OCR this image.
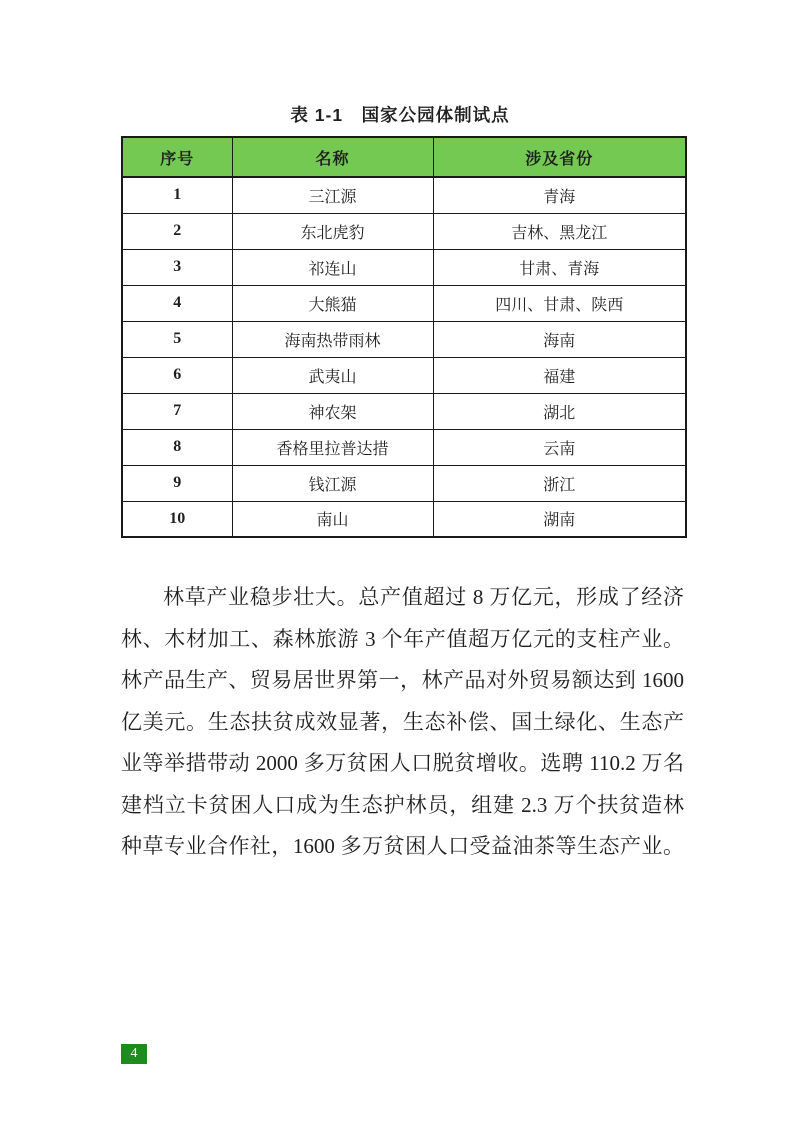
表 1-1　国家公园体制试点
序号	名称	涉及省份
1	三江源	青海
2	东北虎豹	吉林、黑龙江
3	祁连山	甘肃、青海
4	大熊猫	四川、甘肃、陕西
5	海南热带雨林	海南
6	武夷山	福建
7	神农架	湖北
8	香格里拉普达措	云南
9	钱江源	浙江
10	南山	湖南
林草产业稳步壮大。总产值超过 8 万亿元，形成了经济
林、木材加工、森林旅游 3 个年产值超万亿元的支柱产业。
林产品生产、贸易居世界第一，林产品对外贸易额达到 1600
亿美元。生态扶贫成效显著，生态补偿、国土绿化、生态产
业等举措带动 2000 多万贫困人口脱贫增收。选聘 110.2 万名
建档立卡贫困人口成为生态护林员，组建 2.3 万个扶贫造林
种草专业合作社，1600 多万贫困人口受益油茶等生态产业。
4
